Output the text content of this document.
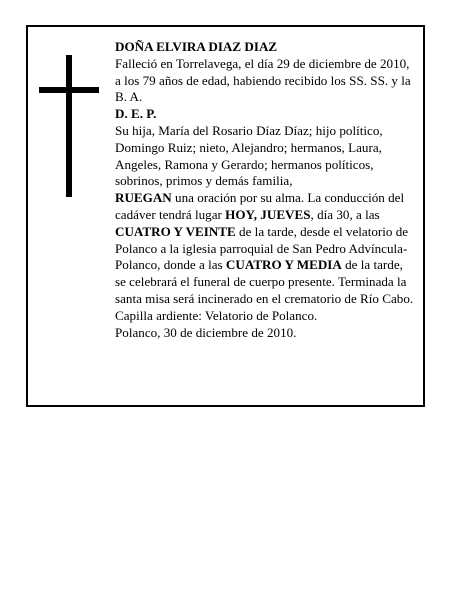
DOÑA ELVIRA DIAZ DIAZ

Falleció en Torrelavega, el día 29 de diciembre de 2010, a los 79 años de edad, habiendo recibido los SS. SS. y la B. A.

D. E. P.

Su hija, María del Rosario Díaz Díaz; hijo político, Domingo Ruiz; nieto, Alejandro; hermanos, Laura, Angeles, Ramona y Gerardo; hermanos políticos, sobrinos, primos y demás familia,

RUEGAN una oración por su alma. La conducción del cadáver tendrá lugar HOY, JUEVES, día 30, a las CUATRO Y VEINTE de la tarde, desde el velatorio de Polanco a la iglesia parroquial de San Pedro Advíncula-Polanco, donde a las CUATRO Y MEDIA de la tarde, se celebrará el funeral de cuerpo presente. Terminada la santa misa será incinerado en el crematorio de Río Cabo. Capilla ardiente: Velatorio de Polanco.

Polanco, 30 de diciembre de 2010.
